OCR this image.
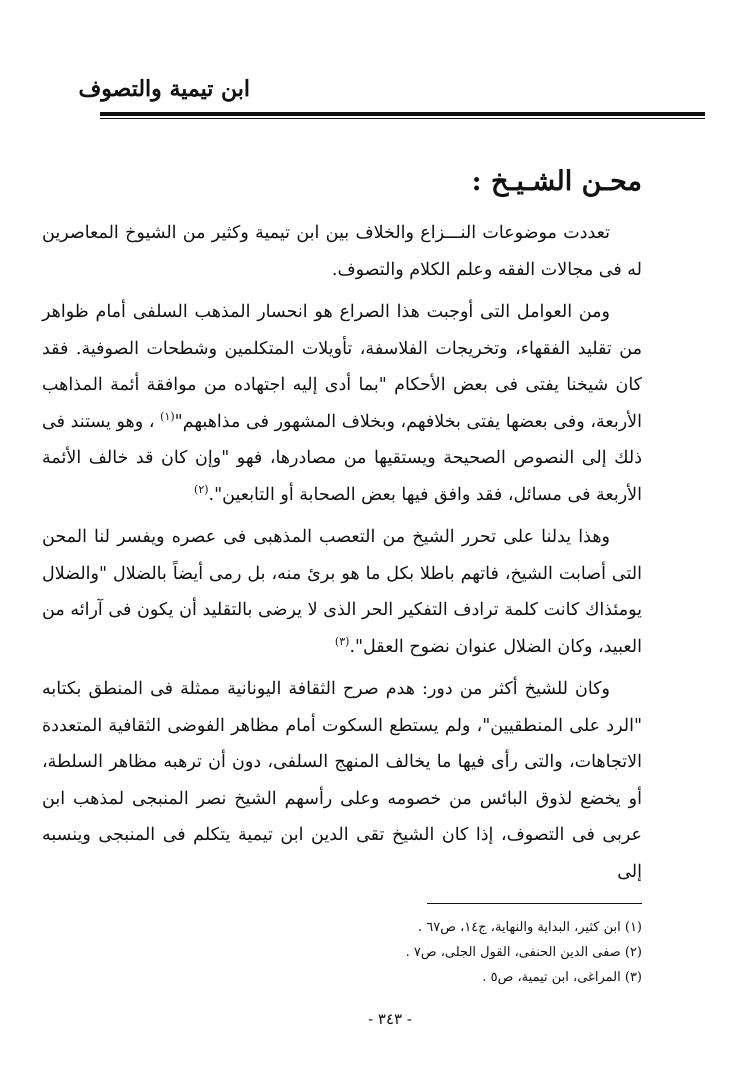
ابن تيمية والتصوف
محـن الشـيـخ :

تعددت موضوعات النـــزاع والخلاف بين ابن تيمية وكثير من الشيوخ المعاصرين له فى مجالات الفقه وعلم الكلام والتصوف.

ومن العوامل التى أوجبت هذا الصراع هو انحسار المذهب السلفى أمام ظواهر من تقليد الفقهاء، وتخريجات الفلاسفة، تأويلات المتكلمين وشطحات الصوفية. فقد كان شيخنا يفتى فى بعض الأحكام "بما أدى إليه اجتهاده من موافقة أئمة المذاهب الأربعة، وفى بعضها يفتى بخلافهم، وبخلاف المشهور فى مذاهبهم"$^{(١)}$ ، وهو يستند فى ذلك إلى النصوص الصحيحة ويستقيها من مصادرها، فهو "وإن كان قد خالف الأئمة الأربعة فى مسائل، فقد وافق فيها بعض الصحابة أو التابعين".$^{(٢)}$

وهذا يدلنا على تحرر الشيخ من التعصب المذهبى فى عصره ويفسر لنا المحن التى أصابت الشيخ، فاتهم باطلا بكل ما هو برئ منه، بل رمى أيضاً بالضلال "والضلال يومئذاك كانت كلمة ترادف التفكير الحر الذى لا يرضى بالتقليد أن يكون فى آرائه من العبيد، وكان الضلال عنوان نضوح العقل".$^{(٣)}$

وكان للشيخ أكثر من دور: هدم صرح الثقافة اليونانية ممثلة فى المنطق بكتابه "الرد على المنطقيين"، ولم يستطع السكوت أمام مظاهر الفوضى الثقافية المتعددة الاتجاهات، والتى رأى فيها ما يخالف المنهج السلفى، دون أن ترهبه مظاهر السلطة، أو يخضع لذوق البائس من خصومه وعلى رأسهم الشيخ نصر المنبجى لمذهب ابن عربى فى التصوف، إذا كان الشيخ تقى الدين ابن تيمية يتكلم فى المنبجى وينسبه إلى

(١) ابن كثير، البداية والنهاية، ج١٤، ص٦٧ .

(٢) صفى الدين الحنفى، القول الجلى، ص٧ .

(٣) المراغى، ابن تيمية، ص٥ .

- ٣٤٣ -
